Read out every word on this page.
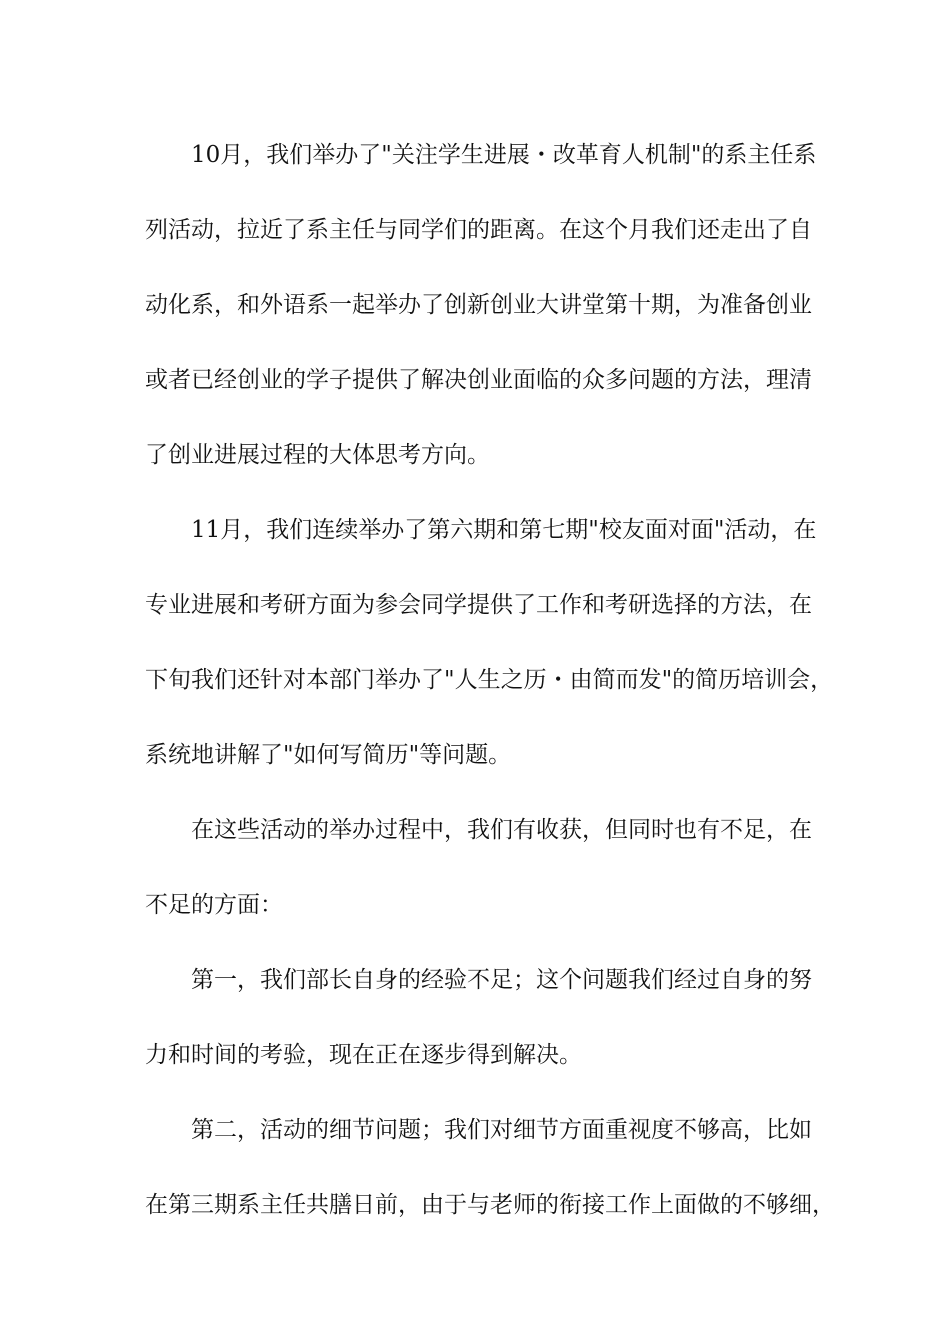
10月，我们举办了"关注学生进展・改革育人机制"的系主任系
列活动，拉近了系主任与同学们的距离。在这个月我们还走出了自
动化系，和外语系一起举办了创新创业大讲堂第十期，为准备创业
或者已经创业的学子提供了解决创业面临的众多问题的方法，理清
了创业进展过程的大体思考方向。
11月，我们连续举办了第六期和第七期"校友面对面"活动，在
专业进展和考研方面为参会同学提供了工作和考研选择的方法，在
下旬我们还针对本部门举办了"人生之历・由简而发"的简历培训会，
系统地讲解了"如何写简历"等问题。
在这些活动的举办过程中，我们有收获，但同时也有不足，在
不足的方面：
第一，我们部长自身的经验不足；这个问题我们经过自身的努
力和时间的考验，现在正在逐步得到解决。
第二，活动的细节问题；我们对细节方面重视度不够高，比如
在第三期系主任共膳日前，由于与老师的衔接工作上面做的不够细，
